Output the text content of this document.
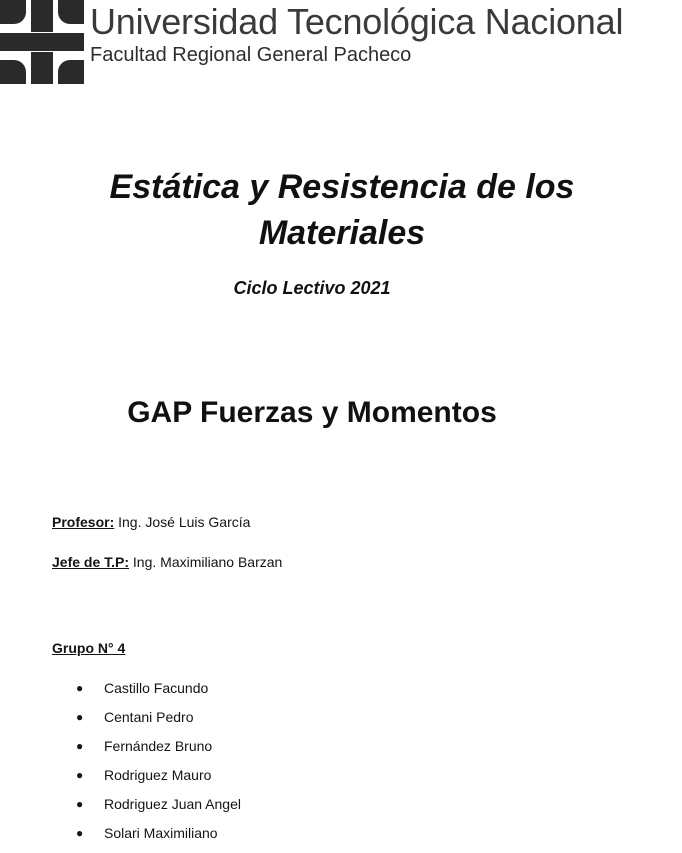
Universidad Tecnológica Nacional
Facultad Regional General Pacheco
Estática y Resistencia de los
Materiales
Ciclo Lectivo 2021
GAP Fuerzas y Momentos
Profesor: Ing. José Luis García
Jefe de T.P: Ing. Maximiliano Barzan
Grupo N° 4
● Castillo Facundo
● Centani Pedro
● Fernández Bruno
● Rodriguez Mauro
● Rodriguez Juan Angel
● Solari Maximiliano
